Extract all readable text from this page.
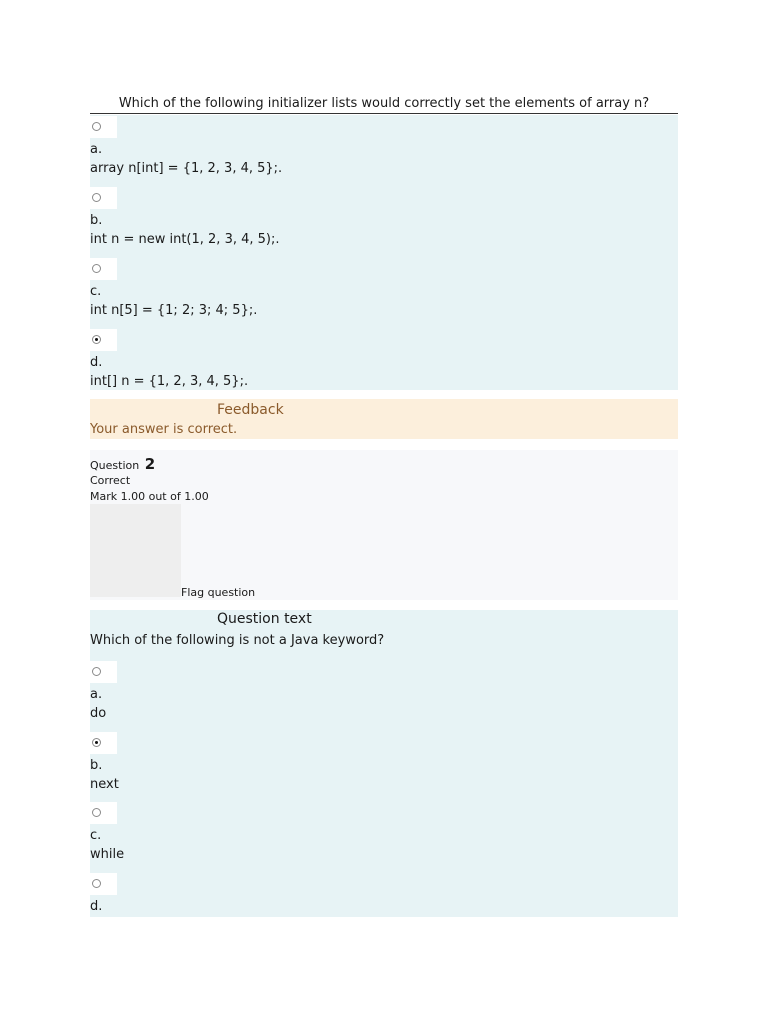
Which of the following initializer lists would correctly set the elements of array n?
a.
array n[int] = {1, 2, 3, 4, 5};.
b.
int n = new int(1, 2, 3, 4, 5);.
c.
int n[5] = {1; 2; 3; 4; 5};.
d.
int[] n = {1, 2, 3, 4, 5};.
Feedback
Your answer is correct.
Question 2
Correct
Mark 1.00 out of 1.00
Flag question
Question text
Which of the following is not a Java keyword?
a.
do
b.
next
c.
while
d.
